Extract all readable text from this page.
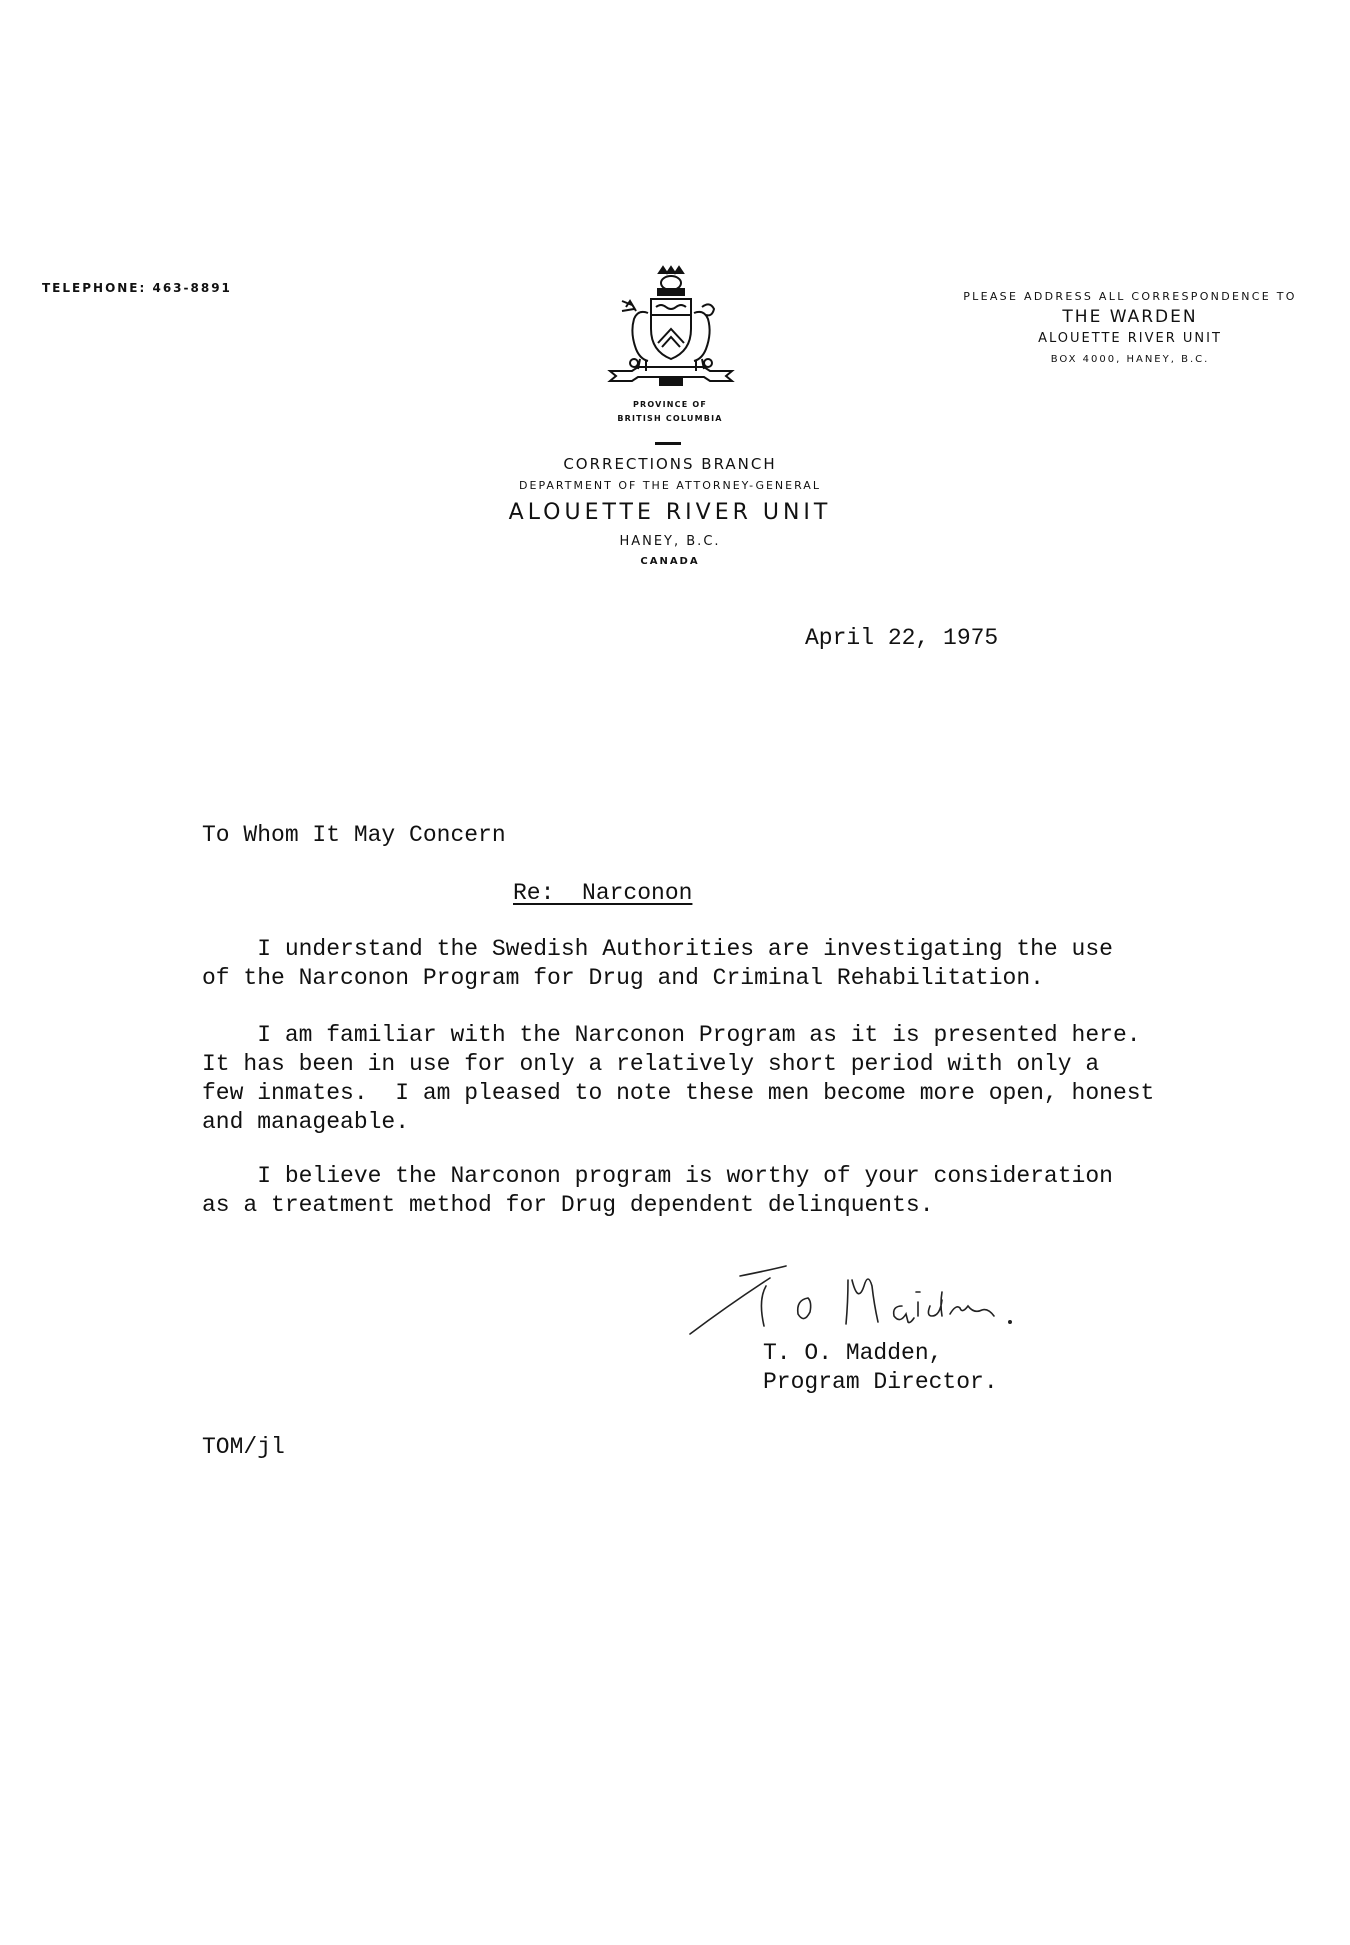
TELEPHONE: 463-8891
PLEASE ADDRESS ALL CORRESPONDENCE TO
THE WARDEN
ALOUETTE RIVER UNIT
BOX 4000, HANEY, B.C.
PROVINCE OF
BRITISH COLUMBIA
CORRECTIONS BRANCH
DEPARTMENT OF THE ATTORNEY-GENERAL
ALOUETTE RIVER UNIT
HANEY, B.C.
CANADA
April 22, 1975
To Whom It May Concern
Re:  Narconon
I understand the Swedish Authorities are investigating the use
of the Narconon Program for Drug and Criminal Rehabilitation.
I am familiar with the Narconon Program as it is presented here.
It has been in use for only a relatively short period with only a
few inmates.  I am pleased to note these men become more open, honest
and manageable.
I believe the Narconon program is worthy of your consideration
as a treatment method for Drug dependent delinquents.
T. O. Madden,
Program Director.
TOM/jl
